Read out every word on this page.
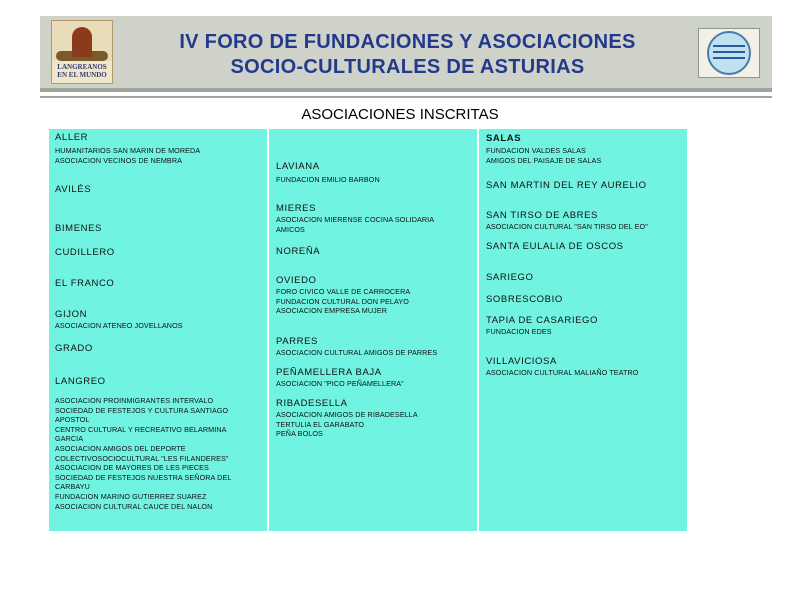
LANGREANOS EN EL MUNDO
IV FORO DE FUNDACIONES Y ASOCIACIONES
SOCIO-CULTURALES DE ASTURIAS
ASOCIACIONES INSCRITAS
ALLER
HUMANITARIOS SAN MARIN DE MOREDA
ASOCIACION VECINOS DE NEMBRA
AVILÉS
BIMENES
CUDILLERO
EL FRANCO
GIJON
ASOCIACION ATENEO JOVELLANOS
GRADO
LANGREO
ASOCIACION PROINMIGRANTES INTERVALO
SOCIEDAD DE FESTEJOS Y CULTURA SANTIAGO
APOSTOL
CENTRO CULTURAL Y RECREATIVO BELARMINA
GARCIA
ASOCIACION AMIGOS DEL DEPORTE
COLECTIVOSOCIOCULTURAL "LES FILANDERES"
ASOCIACION DE MAYORES DE LES PIECES
SOCIEDAD DE FESTEJOS NUESTRA SEÑORA DEL
CARBAYU
FUNDACION MARINO GUTIERREZ SUAREZ
ASOCIACION CULTURAL CAUCE DEL NALON
LAVIANA
FUNDACION EMILIO BARBON
MIERES
ASOCIACION MIERENSE COCINA SOLIDARIA
AMICOS
NOREÑA
OVIEDO
FORO CIVICO VALLE DE CARROCERA
FUNDACION CULTURAL DON PELAYO
ASOCIACION EMPRESA MUJER
PARRES
ASOCIACION CULTURAL AMIGOS DE PARRES
PEÑAMELLERA BAJA
ASOCIACION "PICO PEÑAMELLERA"
RIBADESELLA
ASOCIACION AMIGOS DE RIBADESELLA
TERTULIA EL GARABATO
PEÑA BOLOS
SALAS
FUNDACION VALDES SALAS
AMIGOS DEL PAISAJE DE SALAS
SAN MARTIN DEL REY AURELIO
SAN TIRSO DE ABRES
ASOCIACION CULTURAL "SAN TIRSO DEL EO"
SANTA EULALIA DE OSCOS
SARIEGO
SOBRESCOBIO
TAPIA DE CASARIEGO
FUNDACION EDES
VILLAVICIOSA
ASOCIACION CULTURAL MALIAÑO TEATRO
